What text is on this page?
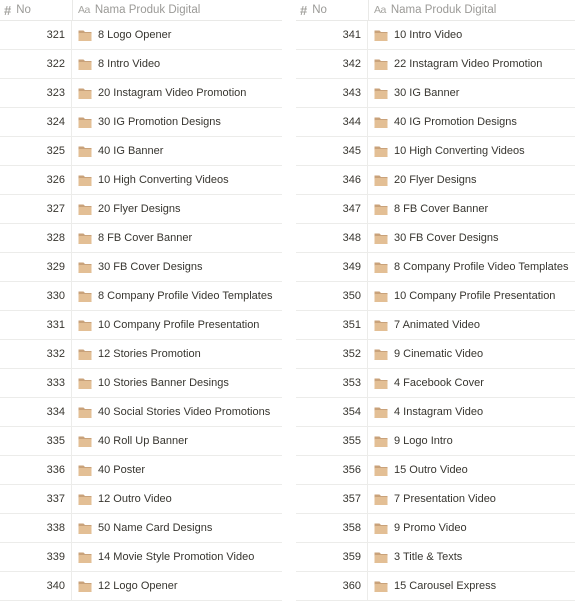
# No	Aa Nama Produk Digital
321	8 Logo Opener
322	8 Intro Video
323	20 Instagram Video Promotion
324	30 IG Promotion Designs
325	40 IG Banner
326	10 High Converting Videos
327	20 Flyer Designs
328	8 FB Cover Banner
329	30 FB Cover Designs
330	8 Company Profile Video Templates
331	10 Company Profile Presentation
332	12 Stories Promotion
333	10 Stories Banner Desings
334	40 Social Stories Video Promotions
335	40 Roll Up Banner
336	40 Poster
337	12 Outro Video
338	50 Name Card Designs
339	14 Movie Style Promotion Video
340	12 Logo Opener
# No	Aa Nama Produk Digital
341	10 Intro Video
342	22 Instagram Video Promotion
343	30 IG Banner
344	40 IG Promotion Designs
345	10 High Converting Videos
346	20 Flyer Designs
347	8 FB Cover Banner
348	30 FB Cover Designs
349	8 Company Profile Video Templates
350	10 Company Profile Presentation
351	7 Animated Video
352	9 Cinematic Video
353	4 Facebook Cover
354	4 Instagram Video
355	9 Logo Intro
356	15 Outro Video
357	7 Presentation Video
358	9 Promo Video
359	3 Title & Texts
360	15 Carousel Express
